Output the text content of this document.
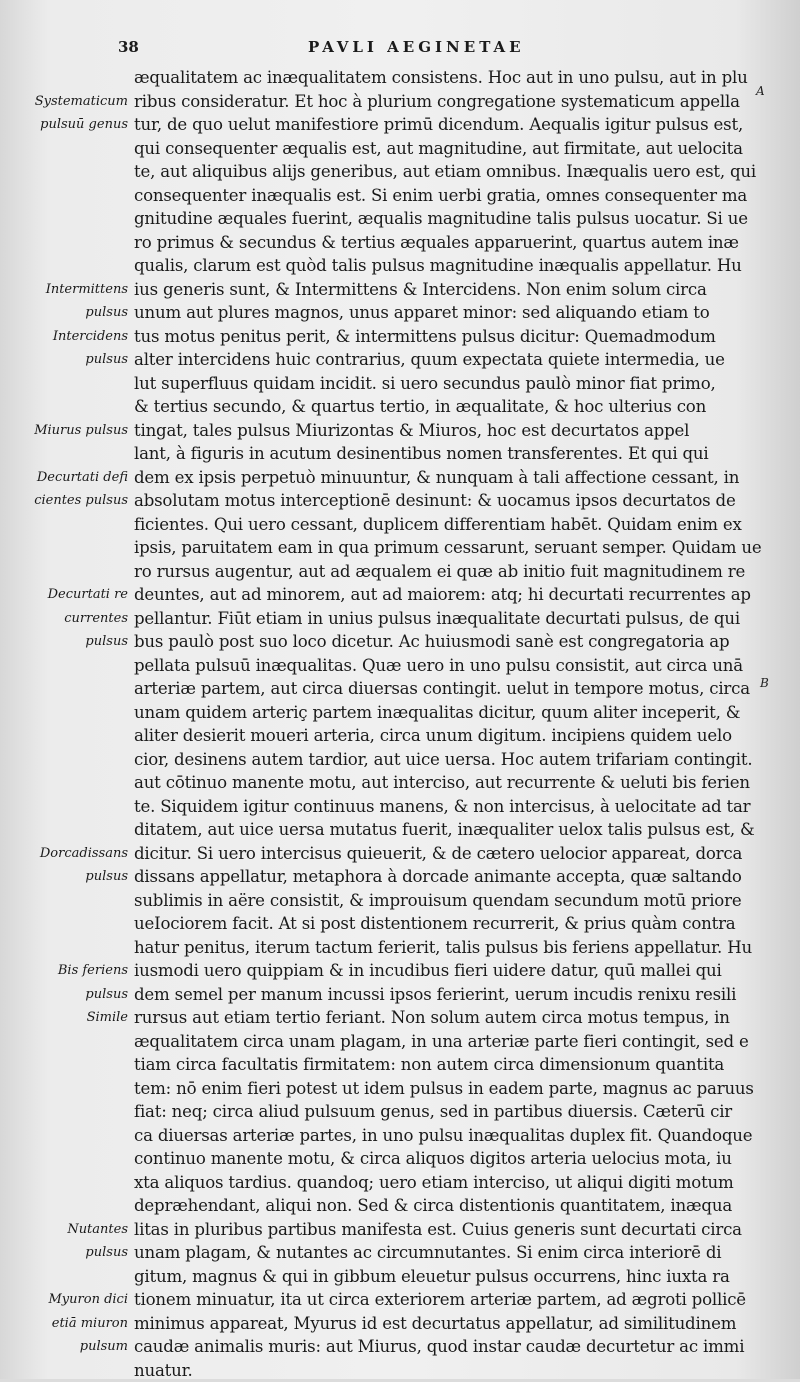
38	PAVLI AEGINETAE
Systematicum
pulsuū genus
Intermittens
pulsus
Intercidens
pulsus
Miurus pulsus
Decurtati defi
cientes pulsus
Decurtati re
currentes
pulsus
Dorcadissans
pulsus
Bis feriens
pulsus
Simile
Nutantes
pulsus
Myuron dici
etiā miuron
pulsum
æqualitatem ac inæqualitatem consistens. Hoc aut in uno pulsu, aut in plu
ribus consideratur. Et hoc à plurium congregatione systematicum appella
tur, de quo uelut manifestiore primū dicendum. Aequalis igitur pulsus est,
qui consequenter æqualis est, aut magnitudine, aut firmitate, aut uelocita
te, aut aliquibus alijs generibus, aut etiam omnibus. Inæqualis uero est, qui
consequenter inæqualis est. Si enim uerbi gratia, omnes consequenter ma
gnitudine æquales fuerint, æqualis magnitudine talis pulsus uocatur. Si ue
ro primus & secundus & tertius æquales apparuerint, quartus autem inæ
qualis, clarum est quòd talis pulsus magnitudine inæqualis appellatur. Hu
ius generis sunt, & Intermittens & Intercidens. Non enim solum circa
unum aut plures magnos, unus apparet minor: sed aliquando etiam to
tus motus penitus perit, & intermittens pulsus dicitur: Quemadmodum
alter intercidens huic contrarius, quum expectata quiete intermedia, ue
lut superfluus quidam incidit. si uero secundus paulò minor fiat primo,
& tertius secundo, & quartus tertio, in æqualitate, & hoc ulterius con
tingat, tales pulsus Miurizontas & Miuros, hoc est decurtatos appel
lant, à figuris in acutum desinentibus nomen transferentes. Et qui qui
dem ex ipsis perpetuò minuuntur, & nunquam à tali affectione cessant, in
absolutam motus interceptionē desinunt: & uocamus ipsos decurtatos de
ficientes. Qui uero cessant, duplicem differentiam habēt. Quidam enim ex
ipsis, paruitatem eam in qua primum cessarunt, seruant semper. Quidam ue
ro rursus augentur, aut ad æqualem ei quæ ab initio fuit magnitudinem re
deuntes, aut ad minorem, aut ad maiorem: atq; hi decurtati recurrentes ap
pellantur. Fiūt etiam in unius pulsus inæqualitate decurtati pulsus, de qui
bus paulò post suo loco dicetur. Ac huiusmodi sanè est congregatoria ap
pellata pulsuū inæqualitas. Quæ uero in uno pulsu consistit, aut circa unā
arteriæ partem, aut circa diuersas contingit. uelut in tempore motus, circa
unam quidem arteriç partem inæqualitas dicitur, quum aliter inceperit, &
aliter desierit moueri arteria, circa unum digitum. incipiens quidem uelo
cior, desinens autem tardior, aut uice uersa. Hoc autem trifariam contingit.
aut cōtinuo manente motu, aut interciso, aut recurrente & ueluti bis ferien
te. Siquidem igitur continuus manens, & non intercisus, à uelocitate ad tar
ditatem, aut uice uersa mutatus fuerit, inæqualiter uelox talis pulsus est, &
dicitur. Si uero intercisus quieuerit, & de cætero uelocior appareat, dorca
dissans appellatur, metaphora à dorcade animante accepta, quæ saltando
sublimis in aëre consistit, & improuisum quendam secundum motū priore
ueIociorem facit. At si post distentionem recurrerit, & prius quàm contra
hatur penitus, iterum tactum ferierit, talis pulsus bis feriens appellatur. Hu
iusmodi uero quippiam & in incudibus fieri uidere datur, quū mallei qui
dem semel per manum incussi ipsos ferierint, uerum incudis renixu resili
rursus aut etiam tertio feriant. Non solum autem circa motus tempus, in
æqualitatem circa unam plagam, in una arteriæ parte fieri contingit, sed e
tiam circa facultatis firmitatem: non autem circa dimensionum quantita
tem: nō enim fieri potest ut idem pulsus in eadem parte, magnus ac paruus
fiat: neq; circa aliud pulsuum genus, sed in partibus diuersis. Cæterū cir
ca diuersas arteriæ partes, in uno pulsu inæqualitas duplex fit. Quandoque
continuo manente motu, & circa aliquos digitos arteria uelocius mota, iu
xta aliquos tardius. quandoq; uero etiam interciso, ut aliqui digiti motum
depræhendant, aliqui non. Sed & circa distentionis quantitatem, inæqua
litas in pluribus partibus manifesta est. Cuius generis sunt decurtati circa
unam plagam, & nutantes ac circumnutantes. Si enim circa interiorē di
gitum, magnus & qui in gibbum eleuetur pulsus occurrens, hinc iuxta ra
tionem minuatur, ita ut circa exteriorem arteriæ partem, ad ægroti pollicē
minimus appareat, Myurus id est decurtatus appellatur, ad similitudinem
caudæ animalis muris: aut Miurus, quod instar caudæ decurtetur ac immi
nuatur.
A
B
